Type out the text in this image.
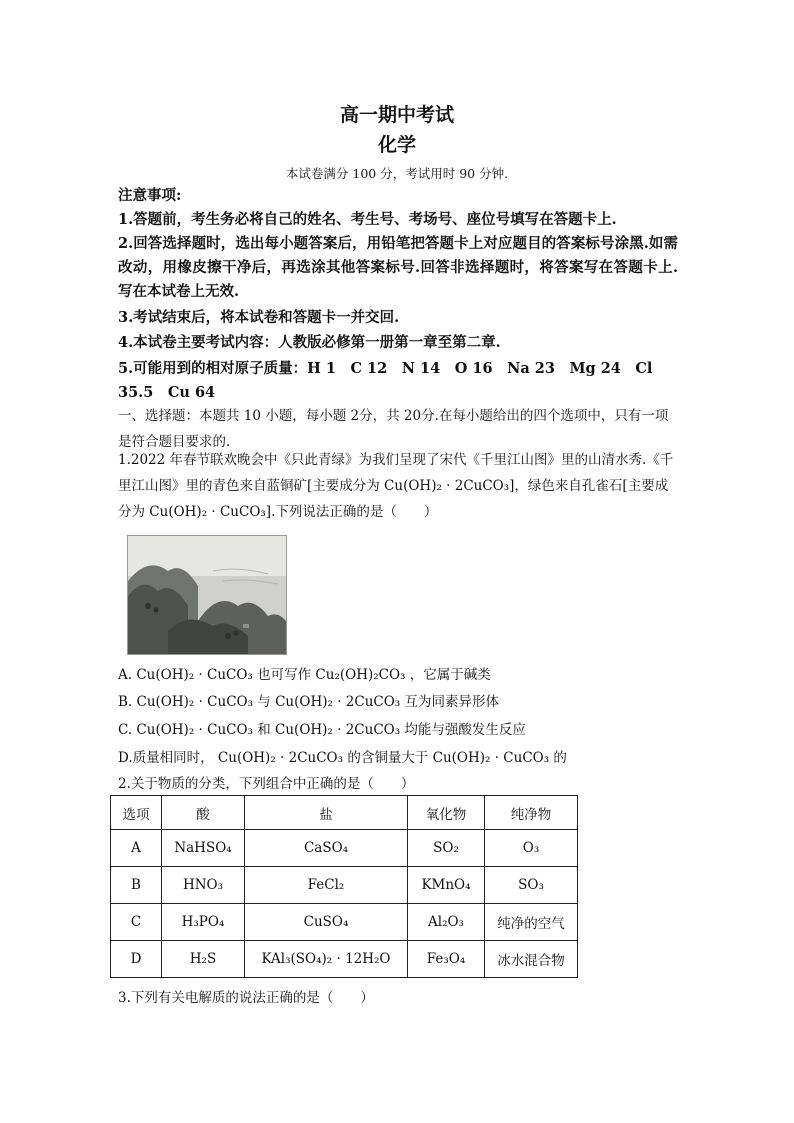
高一期中考试
化学
本试卷满分 100 分，考试用时 90 分钟.
注意事项:
1.答题前，考生务必将自己的姓名、考生号、考场号、座位号填写在答题卡上.
2.回答选择题时，选出每小题答案后，用铅笔把答题卡上对应题目的答案标号涂黑.如需改动，用橡皮擦干净后，再选涂其他答案标号.回答非选择题时，将答案写在答题卡上.写在本试卷上无效.
3.考试结束后，将本试卷和答题卡一并交回.
4.本试卷主要考试内容：人教版必修第一册第一章至第二章.
5.可能用到的相对原子质量：H 1　C 12　N 14　O 16　Na 23　Mg 24　Cl 35.5　Cu 64
一、选择题：本题共 10 小题，每小题 2分，共 20分.在每小题给出的四个选项中，只有一项是符合题目要求的.
1.2022 年春节联欢晚会中《只此青绿》为我们呈现了宋代《千里江山图》里的山清水秀.《千里江山图》里的青色来自蓝铜矿[主要成分为 Cu(OH)₂ · 2CuCO₃]，绿色来自孔雀石[主要成分为 Cu(OH)₂ · CuCO₃].下列说法正确的是（　　）
A. Cu(OH)₂ · CuCO₃ 也可写作 Cu₂(OH)₂CO₃ ，它属于碱类
B. Cu(OH)₂ · CuCO₃ 与 Cu(OH)₂ · 2CuCO₃ 互为同素异形体
C. Cu(OH)₂ · CuCO₃ 和 Cu(OH)₂ · 2CuCO₃ 均能与强酸发生反应
D.质量相同时， Cu(OH)₂ · 2CuCO₃ 的含铜量大于 Cu(OH)₂ · CuCO₃ 的
2.关于物质的分类，下列组合中正确的是（　　）
选项	酸	盐	氧化物	纯净物
A	NaHSO₄	CaSO₄	SO₂	O₃
B	HNO₃	FeCl₂	KMnO₄	SO₃
C	H₃PO₄	CuSO₄	Al₂O₃	纯净的空气
D	H₂S	KAl₃(SO₄)₂ · 12H₂O	Fe₃O₄	冰水混合物
3.下列有关电解质的说法正确的是（　　）
